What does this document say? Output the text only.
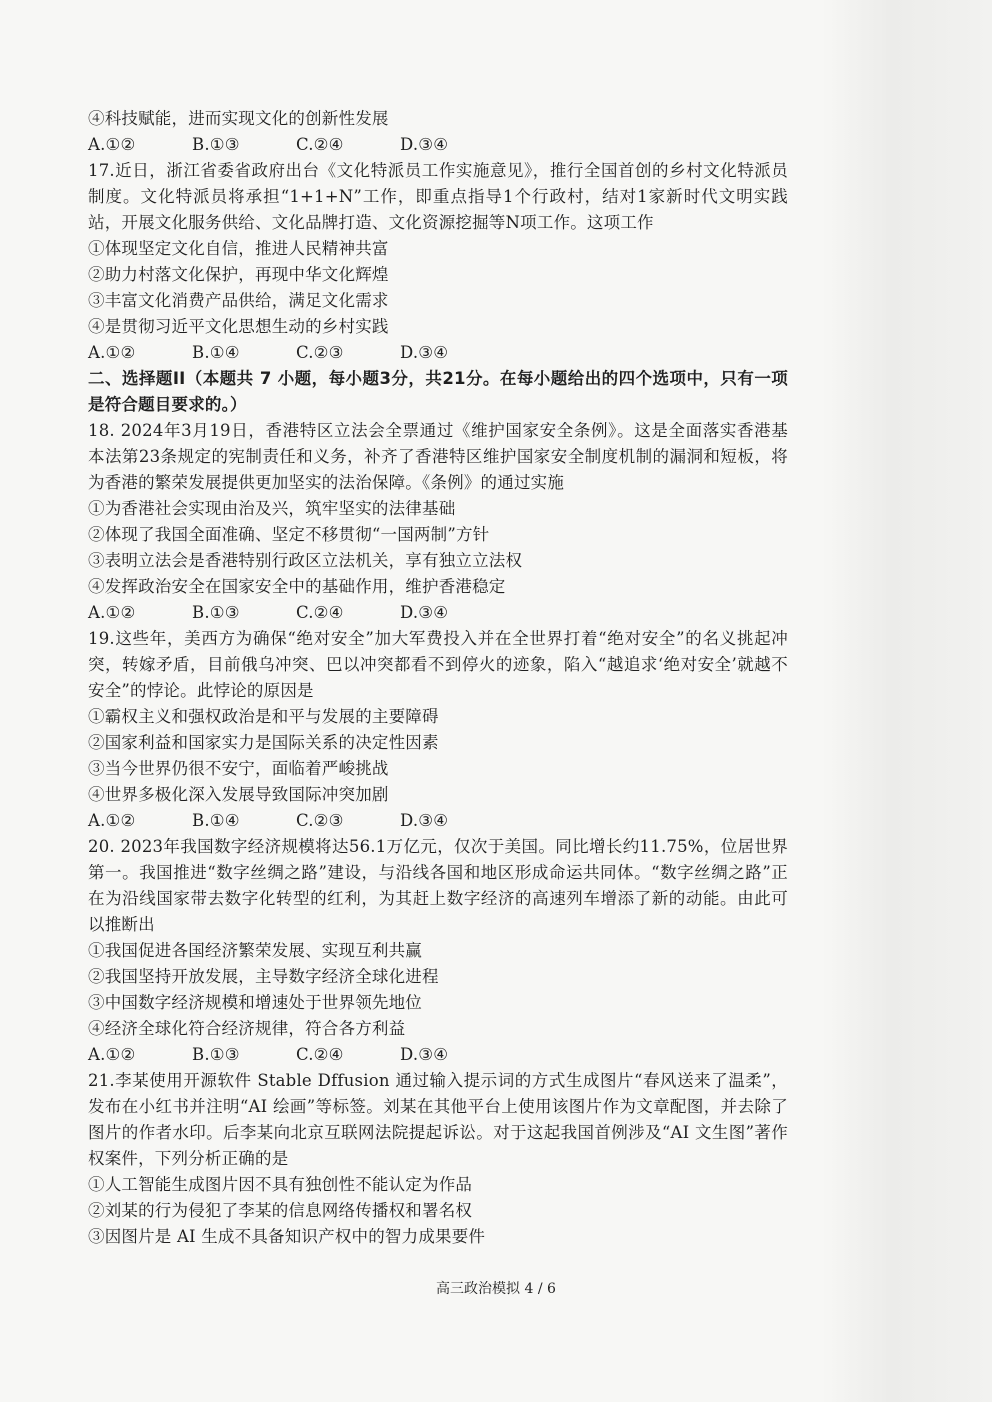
④科技赋能，进而实现文化的创新性发展
A.①②	B.①③	C.②④	D.③④
17.近日，浙江省委省政府出台《文化特派员工作实施意见》，推行全国首创的乡村文化特派员制度。文化特派员将承担“1+1+N”工作，即重点指导1个行政村，结对1家新时代文明实践站，开展文化服务供给、文化品牌打造、文化资源挖掘等N项工作。这项工作
①体现坚定文化自信，推进人民精神共富
②助力村落文化保护，再现中华文化辉煌
③丰富文化消费产品供给，满足文化需求
④是贯彻习近平文化思想生动的乡村实践
A.①②	B.①④	C.②③	D.③④
二、选择题II（本题共 7 小题，每小题3分，共21分。在每小题给出的四个选项中，只有一项是符合题目要求的。）
18. 2024年3月19日，香港特区立法会全票通过《维护国家安全条例》。这是全面落实香港基本法第23条规定的宪制责任和义务，补齐了香港特区维护国家安全制度机制的漏洞和短板，将为香港的繁荣发展提供更加坚实的法治保障。《条例》的通过实施
①为香港社会实现由治及兴，筑牢坚实的法律基础
②体现了我国全面准确、坚定不移贯彻“一国两制”方针
③表明立法会是香港特别行政区立法机关，享有独立立法权
④发挥政治安全在国家安全中的基础作用，维护香港稳定
A.①②	B.①③	C.②④	D.③④
19.这些年，美西方为确保“绝对安全”加大军费投入并在全世界打着“绝对安全”的名义挑起冲突，转嫁矛盾，目前俄乌冲突、巴以冲突都看不到停火的迹象，陷入“越追求‘绝对安全’就越不安全”的悖论。此悖论的原因是
①霸权主义和强权政治是和平与发展的主要障碍
②国家利益和国家实力是国际关系的决定性因素
③当今世界仍很不安宁，面临着严峻挑战
④世界多极化深入发展导致国际冲突加剧
A.①②	B.①④	C.②③	D.③④
20. 2023年我国数字经济规模将达56.1万亿元，仅次于美国。同比增长约11.75%，位居世界第一。我国推进“数字丝绸之路”建设，与沿线各国和地区形成命运共同体。“数字丝绸之路”正在为沿线国家带去数字化转型的红利，为其赶上数字经济的高速列车增添了新的动能。由此可以推断出
①我国促进各国经济繁荣发展、实现互利共赢
②我国坚持开放发展，主导数字经济全球化进程
③中国数字经济规模和增速处于世界领先地位
④经济全球化符合经济规律，符合各方利益
A.①②	B.①③	C.②④	D.③④
21.李某使用开源软件 Stable Dffusion 通过输入提示词的方式生成图片“春风送来了温柔”，发布在小红书并注明“AI 绘画”等标签。刘某在其他平台上使用该图片作为文章配图，并去除了图片的作者水印。后李某向北京互联网法院提起诉讼。对于这起我国首例涉及“AI 文生图”著作权案件，下列分析正确的是
①人工智能生成图片因不具有独创性不能认定为作品
②刘某的行为侵犯了李某的信息网络传播权和署名权
③因图片是 AI 生成不具备知识产权中的智力成果要件
高三政治模拟 4 / 6
